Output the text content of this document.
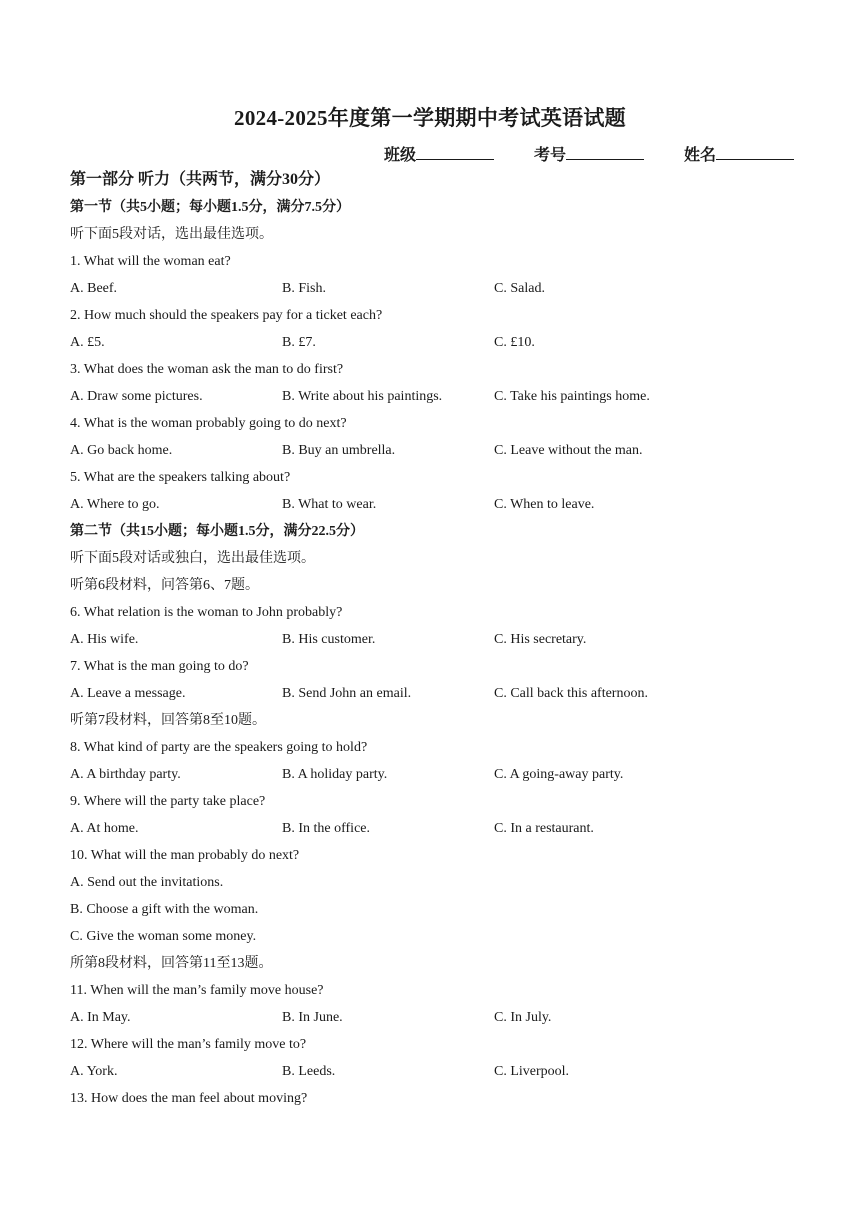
2024-2025年度第一学期期中考试英语试题
班级	考号	姓名
第一部分 听力（共两节，满分30分）
第一节（共5小题；每小题1.5分，满分7.5分）
听下面5段对话，选出最佳选项。
1. What will the woman eat?
A. Beef.	B. Fish.	C. Salad.
2. How much should the speakers pay for a ticket each?
A. £5.	B. £7.	C. £10.
3. What does the woman ask the man to do first?
A. Draw some pictures.	B. Write about his paintings.	C. Take his paintings home.
4. What is the woman probably going to do next?
A. Go back home.	B. Buy an umbrella.	C. Leave without the man.
5. What are the speakers talking about?
A. Where to go.	B. What to wear.	C. When to leave.
第二节（共15小题；每小题1.5分，满分22.5分）
听下面5段对话或独白，选出最佳选项。
听第6段材料，问答第6、7题。
6. What relation is the woman to John probably?
A. His wife.	B. His customer.	C. His secretary.
7. What is the man going to do?
A. Leave a message.	B. Send John an email.	C. Call back this afternoon.
听第7段材料，回答第8至10题。
8. What kind of party are the speakers going to hold?
A. A birthday party.	B. A holiday party.	C. A going-away party.
9. Where will the party take place?
A. At home.	B. In the office.	C. In a restaurant.
10. What will the man probably do next?
A. Send out the invitations.
B. Choose a gift with the woman.
C. Give the woman some money.
所第8段材料，回答第11至13题。
11. When will the man’s family move house?
A. In May.	B. In June.	C. In July.
12. Where will the man’s family move to?
A. York.	B. Leeds.	C. Liverpool.
13. How does the man feel about moving?
